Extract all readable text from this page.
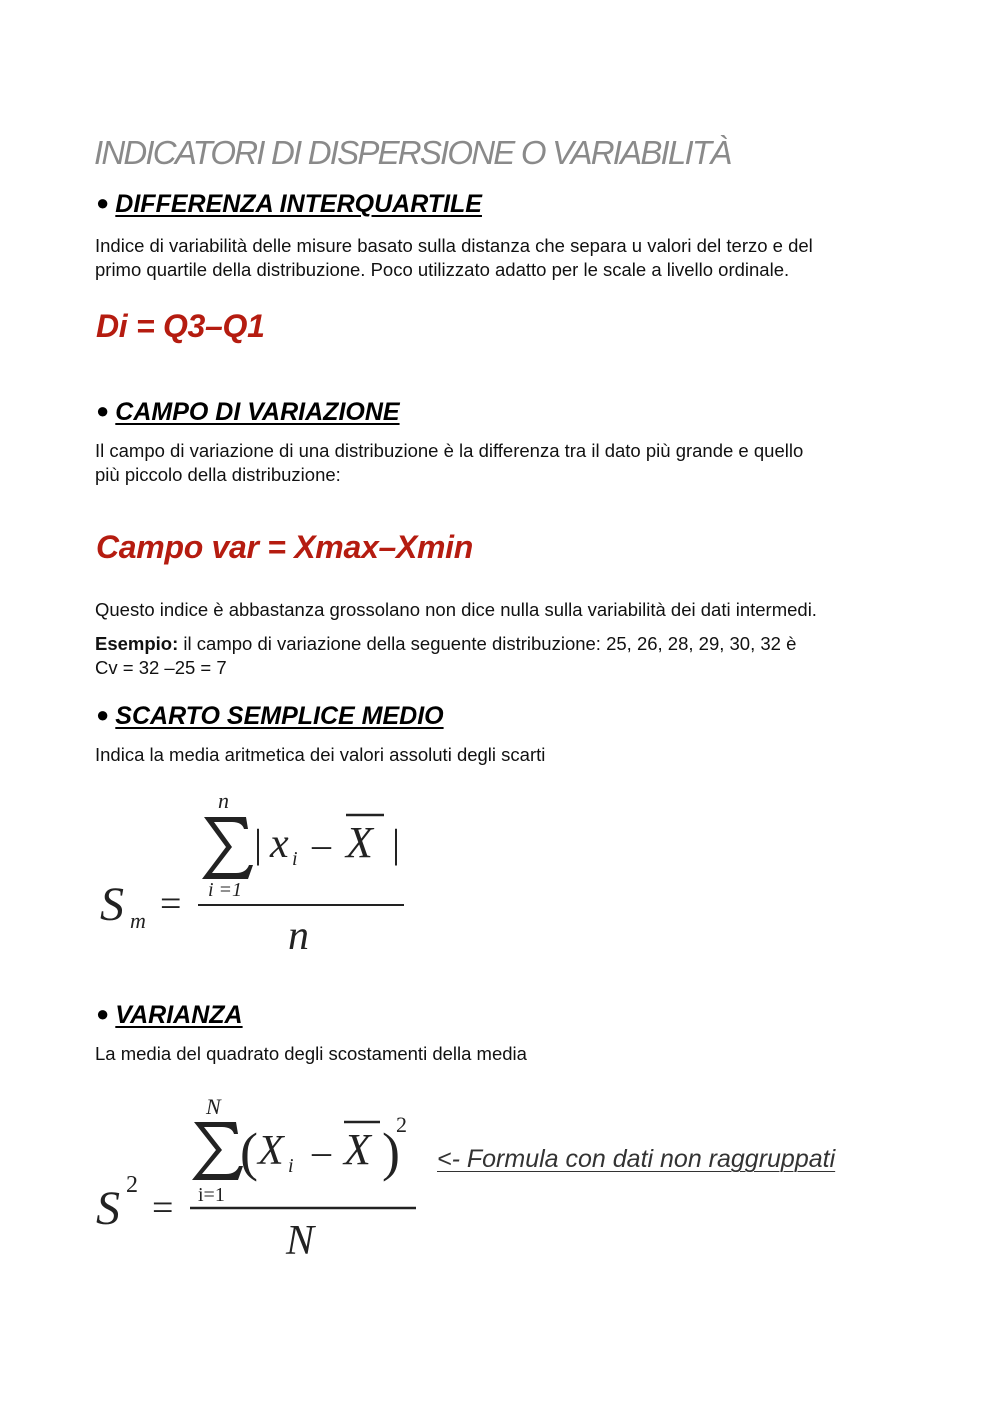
INDICATORI DI DISPERSIONE O VARIABILITÀ
● DIFFERENZA INTERQUARTILE
Indice di variabilità delle misure basato sulla distanza che separa u valori del terzo e del
primo quartile della distribuzione. Poco utilizzato adatto per le scale a livello ordinale.
Di = Q3–Q1
● CAMPO DI VARIAZIONE
Il campo di variazione di una distribuzione è la differenza tra il dato più grande e quello
più piccolo della distribuzione:
Campo var = Xmax–Xmin
Questo indice è abbastanza grossolano non dice nulla sulla variabilità dei dati intermedi.
Esempio: il campo di variazione della seguente distribuzione: 25, 26, 28, 29, 30, 32 è
Cv = 32 –25 = 7
● SCARTO SEMPLICE MEDIO
Indica la media aritmetica dei valori assoluti degli scarti
S m =
n
i =1
| x i – X |
n
● VARIANZA
La media del quadrato degli scostamenti della media
S 2
=
N
i=1
( X i – X )
2
N
<- Formula con dati non raggruppati
